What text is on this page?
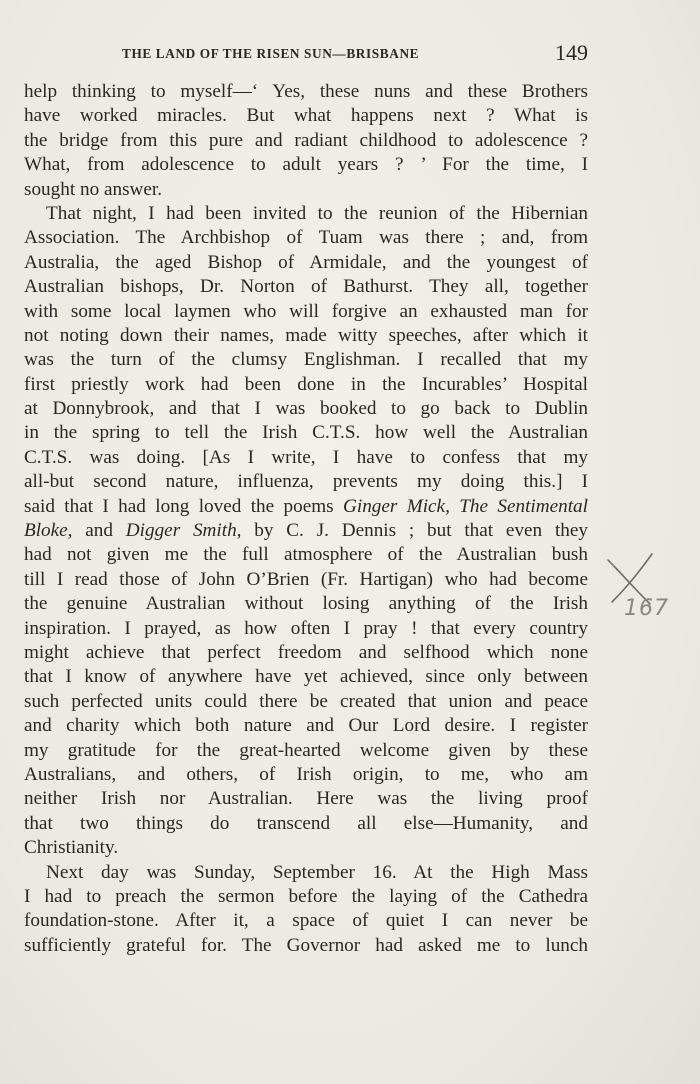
THE LAND OF THE RISEN SUN—BRISBANE	149
help thinking to myself—‘ Yes, these nuns and these Brothers
have worked miracles. But what happens next ? What is
the bridge from this pure and radiant childhood to adolescence ?
What, from adolescence to adult years ? ’ For the time, I
sought no answer.
That night, I had been invited to the reunion of the Hibernian
Association. The Archbishop of Tuam was there ; and, from
Australia, the aged Bishop of Armidale, and the youngest of
Australian bishops, Dr. Norton of Bathurst. They all, together
with some local laymen who will forgive an exhausted man for
not noting down their names, made witty speeches, after which it
was the turn of the clumsy Englishman. I recalled that my
first priestly work had been done in the Incurables’ Hospital
at Donnybrook, and that I was booked to go back to Dublin
in the spring to tell the Irish C.T.S. how well the Australian
C.T.S. was doing. [As I write, I have to confess that my
all-but second nature, influenza, prevents my doing this.] I
said that I had long loved the poems Ginger Mick, The Sentimental
Bloke, and Digger Smith, by C. J. Dennis ; but that even they
had not given me the full atmosphere of the Australian bush
till I read those of John O’Brien (Fr. Hartigan) who had become
the genuine Australian without losing anything of the Irish
inspiration. I prayed, as how often I pray ! that every country
might achieve that perfect freedom and selfhood which none
that I know of anywhere have yet achieved, since only between
such perfected units could there be created that union and peace
and charity which both nature and Our Lord desire. I register
my gratitude for the great-hearted welcome given by these
Australians, and others, of Irish origin, to me, who am
neither Irish nor Australian. Here was the living proof
that two things do transcend all else—Humanity, and
Christianity.
Next day was Sunday, September 16. At the High Mass
I had to preach the sermon before the laying of the Cathedra
foundation-stone. After it, a space of quiet I can never be
sufficiently grateful for. The Governor had asked me to lunch
167
